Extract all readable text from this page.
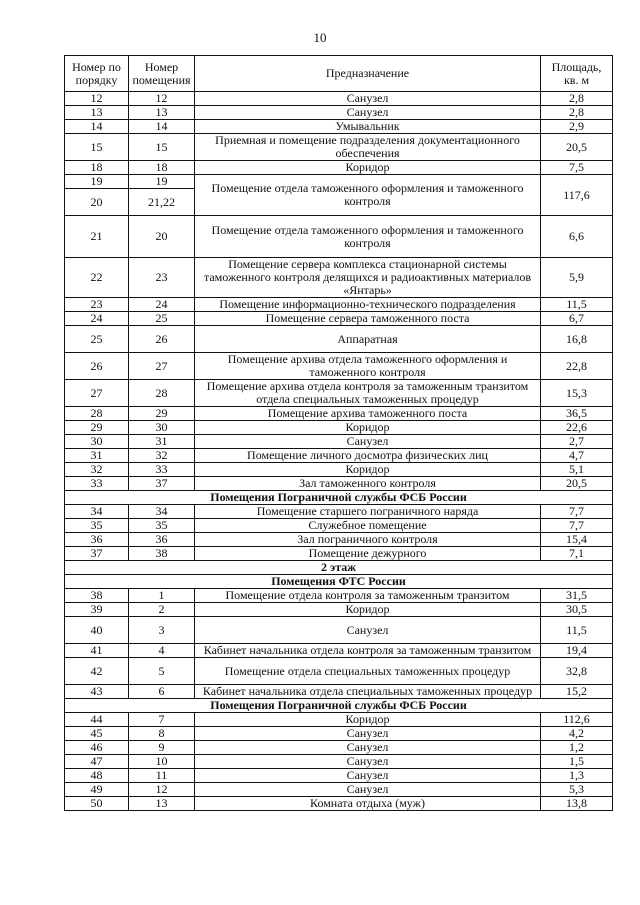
10
Номер по порядку	Номер помещения	Предназначение	Площадь, кв. м
12	12	Санузел	2,8
13	13	Санузел	2,8
14	14	Умывальник	2,9
15	15	Приемная и помещение подразделения документационного обеспечения	20,5
18	18	Коридор	7,5
19	19	Помещение отдела таможенного оформления и таможенного контроля	117,6
20	21,22		
21	20	Помещение отдела таможенного оформления и таможенного контроля	6,6
22	23	Помещение сервера комплекса стационарной системы таможенного контроля делящихся и радиоактивных материалов «Янтарь»	5,9
23	24	Помещение информационно-технического подразделения	11,5
24	25	Помещение сервера таможенного поста	6,7
25	26	Аппаратная	16,8
26	27	Помещение архива отдела таможенного оформления и таможенного контроля	22,8
27	28	Помещение архива отдела контроля за таможенным транзитом отдела специальных таможенных процедур	15,3
28	29	Помещение архива таможенного поста	36,5
29	30	Коридор	22,6
30	31	Санузел	2,7
31	32	Помещение личного досмотра физических лиц	4,7
32	33	Коридор	5,1
33	37	Зал таможенного контроля	20,5
Помещения Пограничной службы ФСБ России			
34	34	Помещение старшего пограничного наряда	7,7
35	35	Служебное помещение	7,7
36	36	Зал пограничного контроля	15,4
37	38	Помещение дежурного	7,1
2 этаж			
Помещения ФТС России			
38	1	Помещение отдела контроля за таможенным транзитом	31,5
39	2	Коридор	30,5
40	3	Санузел	11,5
41	4	Кабинет начальника отдела контроля за таможенным транзитом	19,4
42	5	Помещение отдела специальных таможенных процедур	32,8
43	6	Кабинет начальника отдела специальных таможенных процедур	15,2
Помещения Пограничной службы ФСБ России			
44	7	Коридор	112,6
45	8	Санузел	4,2
46	9	Санузел	1,2
47	10	Санузел	1,5
48	11	Санузел	1,3
49	12	Санузел	5,3
50	13	Комната отдыха (муж)	13,8
